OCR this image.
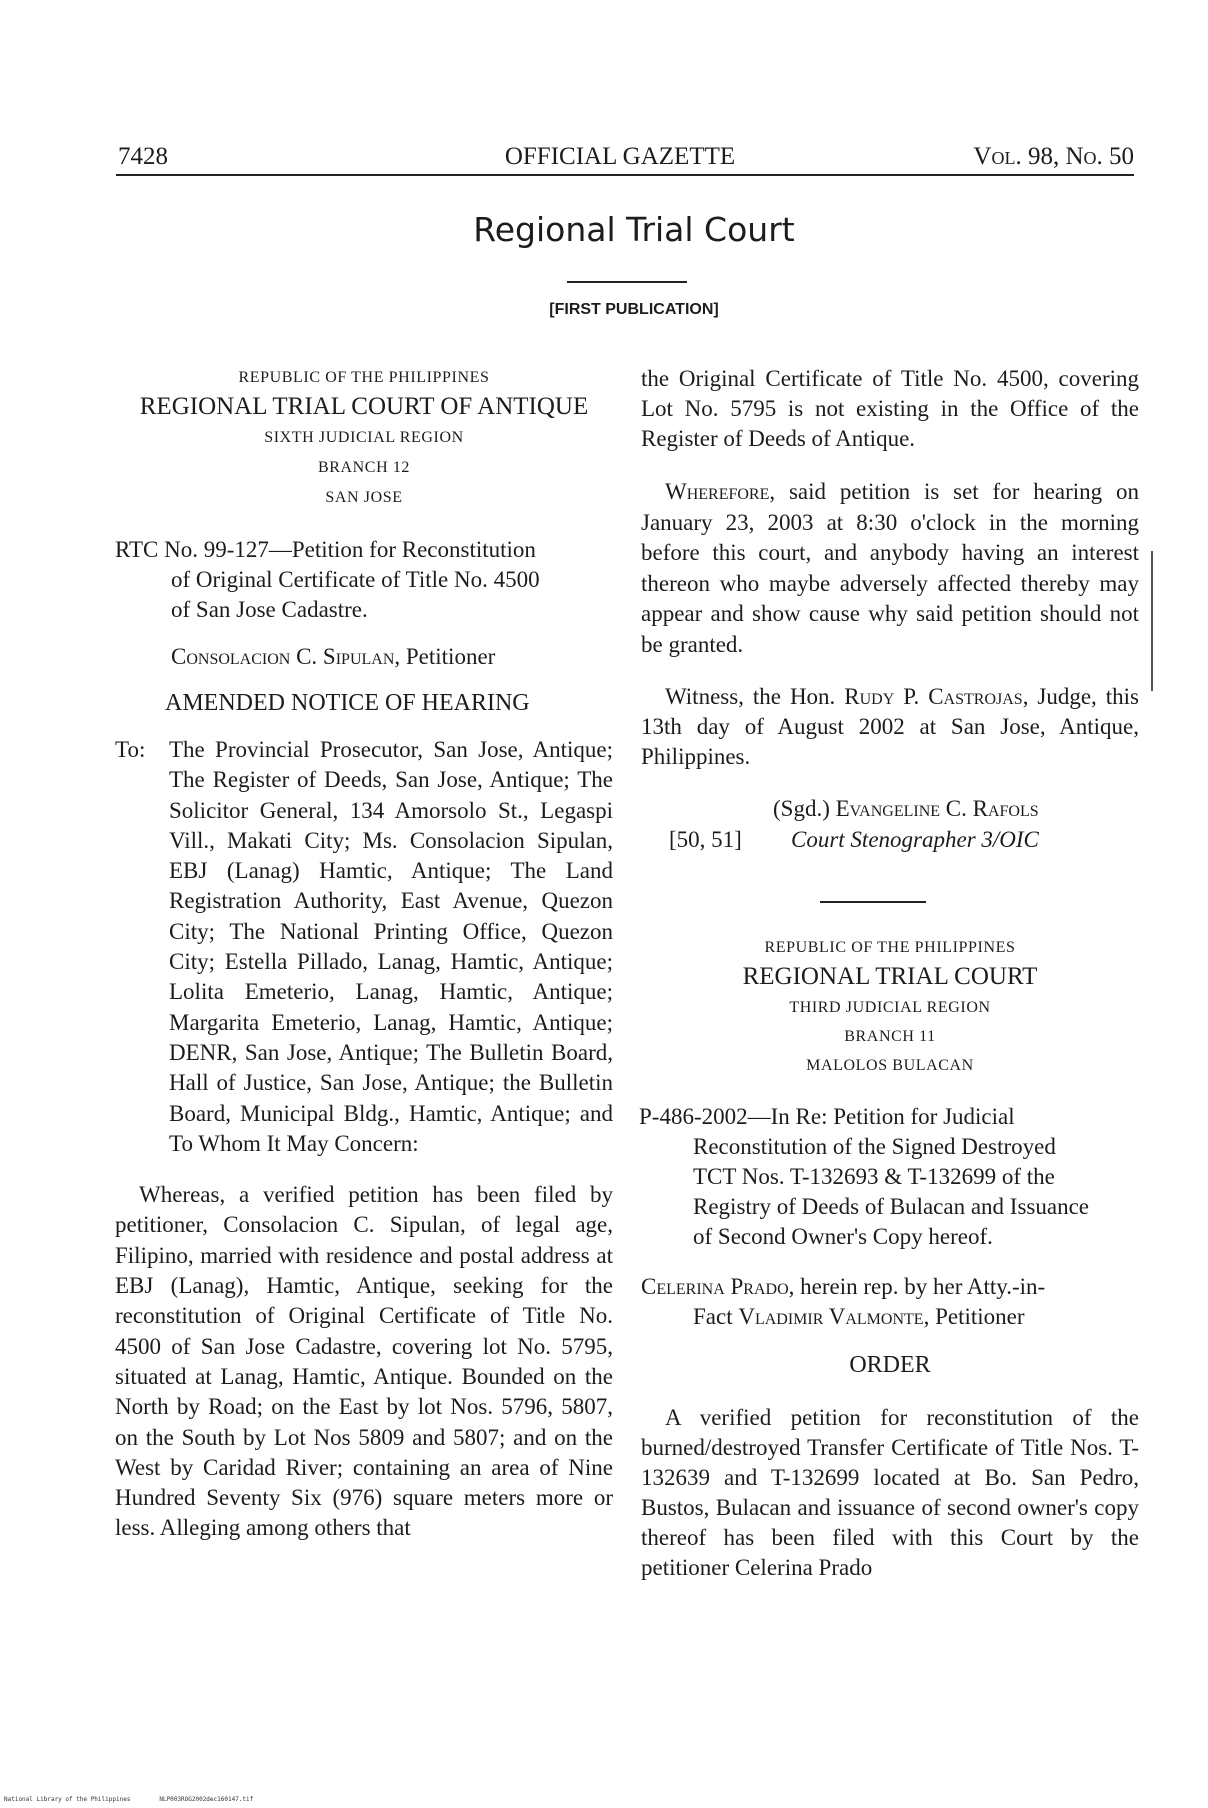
7428	OFFICIAL GAZETTE	Vol. 98, No. 50
Regional Trial Court
[FIRST PUBLICATION]
REPUBLIC OF THE PHILIPPINES
REGIONAL TRIAL COURT OF ANTIQUE
SIXTH JUDICIAL REGION
BRANCH 12
SAN JOSE
RTC No. 99-127—Petition for Reconstitution
of Original Certificate of Title No. 4500
of San Jose Cadastre.
Consolacion C. Sipulan, Petitioner
AMENDED NOTICE OF HEARING
To:	The Provincial Prosecutor, San Jose, Antique; The Register of Deeds, San Jose, Antique; The Solicitor General, 134 Amorsolo St., Legaspi Vill., Makati City; Ms. Consolacion Sipulan, EBJ (Lanag) Hamtic, Antique; The Land Registration Authority, East Avenue, Quezon City; The National Printing Office, Quezon City; Estella Pillado, Lanag, Hamtic, Antique; Lolita Emeterio, Lanag, Hamtic, Antique; Margarita Emeterio, Lanag, Hamtic, Antique; DENR, San Jose, Antique; The Bulletin Board, Hall of Justice, San Jose, Antique; the Bulletin Board, Municipal Bldg., Hamtic, Antique; and To Whom It May Concern:

Whereas, a verified petition has been filed by petitioner, Consolacion C. Sipulan, of legal age, Filipino, married with residence and postal address at EBJ (Lanag), Hamtic, Antique, seeking for the reconstitution of Original Certificate of Title No. 4500 of San Jose Cadastre, covering lot No. 5795, situated at Lanag, Hamtic, Antique. Bounded on the North by Road; on the East by lot Nos. 5796, 5807, on the South by Lot Nos 5809 and 5807; and on the West by Caridad River; containing an area of Nine Hundred Seventy Six (976) square meters more or less. Alleging among others that

the Original Certificate of Title No. 4500, covering Lot No. 5795 is not existing in the Office of the Register of Deeds of Antique.

Wherefore, said petition is set for hearing on January 23, 2003 at 8:30 o'clock in the morning before this court, and anybody having an interest thereon who maybe adversely affected thereby may appear and show cause why said petition should not be granted.

Witness, the Hon. Rudy P. Castrojas, Judge, this 13th day of August 2002 at San Jose, Antique, Philippines.

(Sgd.) Evangeline C. Rafols
[50, 51]	Court Stenographer 3/OIC
REPUBLIC OF THE PHILIPPINES
REGIONAL TRIAL COURT
THIRD JUDICIAL REGION
BRANCH 11
MALOLOS BULACAN
P-486-2002—In Re: Petition for Judicial
Reconstitution of the Signed Destroyed
TCT Nos. T-132693 & T-132699 of the
Registry of Deeds of Bulacan and Issuance
of Second Owner's Copy hereof.
Celerina Prado, herein rep. by her Atty.-in-
Fact Vladimir Valmonte, Petitioner
ORDER

A verified petition for reconstitution of the burned/destroyed Transfer Certificate of Title Nos. T-132639 and T-132699 located at Bo. San Pedro, Bustos, Bulacan and issuance of second owner's copy thereof has been filed with this Court by the petitioner Celerina Prado

National Library of the Philippines	NLP003ROG2002dec160147.tif
